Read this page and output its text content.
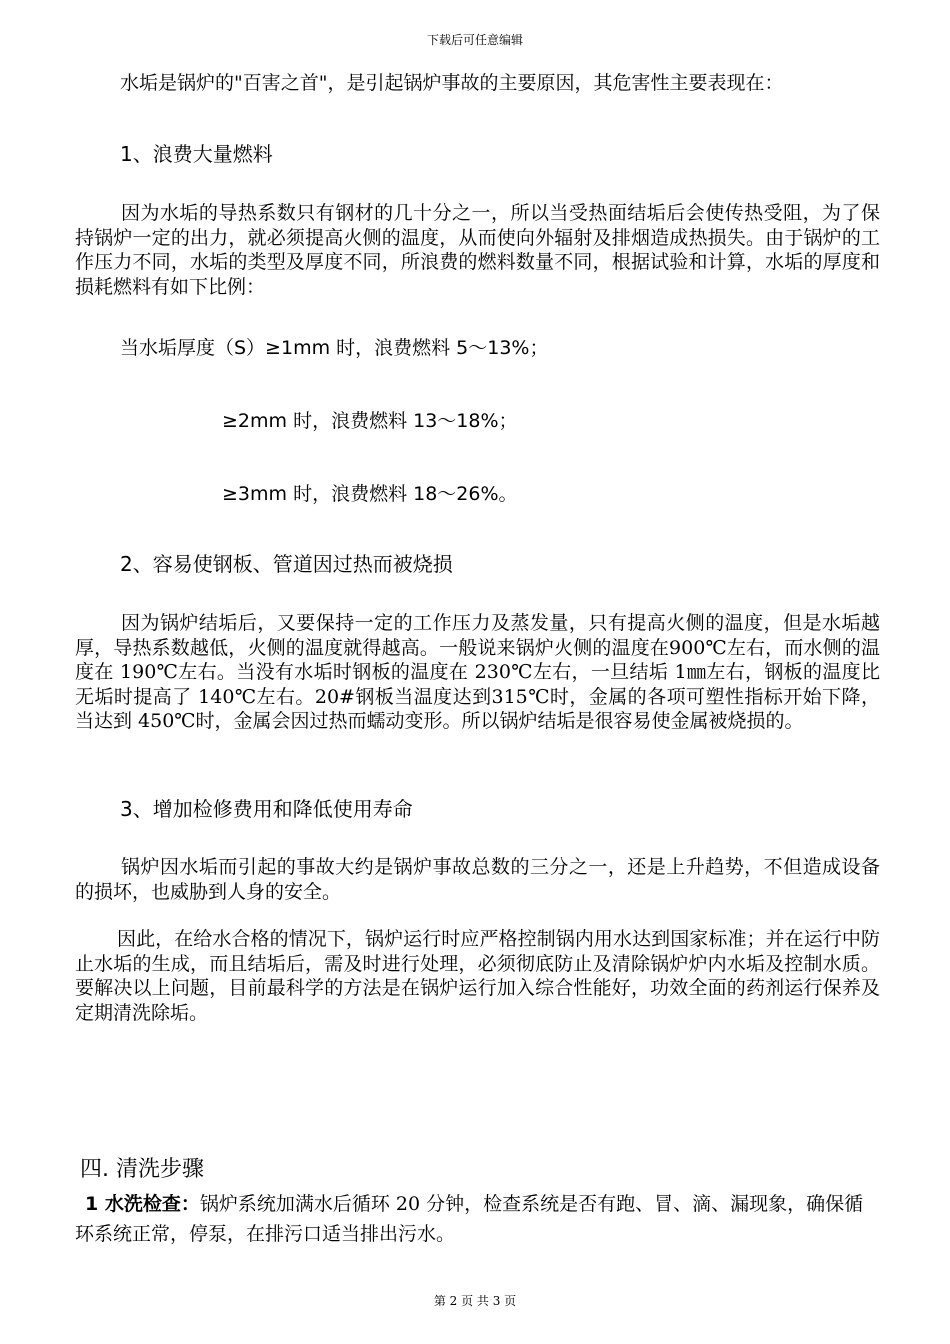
下载后可任意编辑

水垢是锅炉的"百害之首"，是引起锅炉事故的主要原因，其危害性主要表现在：

1、浪费大量燃料

因为水垢的导热系数只有钢材的几十分之一，所以当受热面结垢后会使传热受阻，为了保持锅炉一定的出力，就必须提高火侧的温度，从而使向外辐射及排烟造成热损失。由于锅炉的工作压力不同，水垢的类型及厚度不同，所浪费的燃料数量不同，根据试验和计算，水垢的厚度和损耗燃料有如下比例：

当水垢厚度（S）≥1mm 时，浪费燃料 5～13%；

≥2mm 时，浪费燃料 13～18%；

≥3mm 时，浪费燃料 18～26%。

2、容易使钢板、管道因过热而被烧损

因为锅炉结垢后，又要保持一定的工作压力及蒸发量，只有提高火侧的温度，但是水垢越厚，导热系数越低，火侧的温度就得越高。一般说来锅炉火侧的温度在900℃左右，而水侧的温度在 190℃左右。当没有水垢时钢板的温度在 230℃左右，一旦结垢 1㎜左右，钢板的温度比无垢时提高了 140℃左右。20#钢板当温度达到315℃时，金属的各项可塑性指标开始下降，当达到 450℃时，金属会因过热而蠕动变形。所以锅炉结垢是很容易使金属被烧损的。

3、增加检修费用和降低使用寿命

锅炉因水垢而引起的事故大约是锅炉事故总数的三分之一，还是上升趋势，不但造成设备的损坏，也威胁到人身的安全。

因此，在给水合格的情况下，锅炉运行时应严格控制锅内用水达到国家标准；并在运行中防止水垢的生成，而且结垢后，需及时进行处理，必须彻底防止及清除锅炉炉内水垢及控制水质。要解决以上问题，目前最科学的方法是在锅炉运行加入综合性能好，功效全面的药剂运行保养及定期清洗除垢。

四. 清洗步骤

1 水洗检查：锅炉系统加满水后循环 20 分钟，检查系统是否有跑、冒、滴、漏现象，确保循环系统正常，停泵，在排污口适当排出污水。

第 2 页 共 3 页
